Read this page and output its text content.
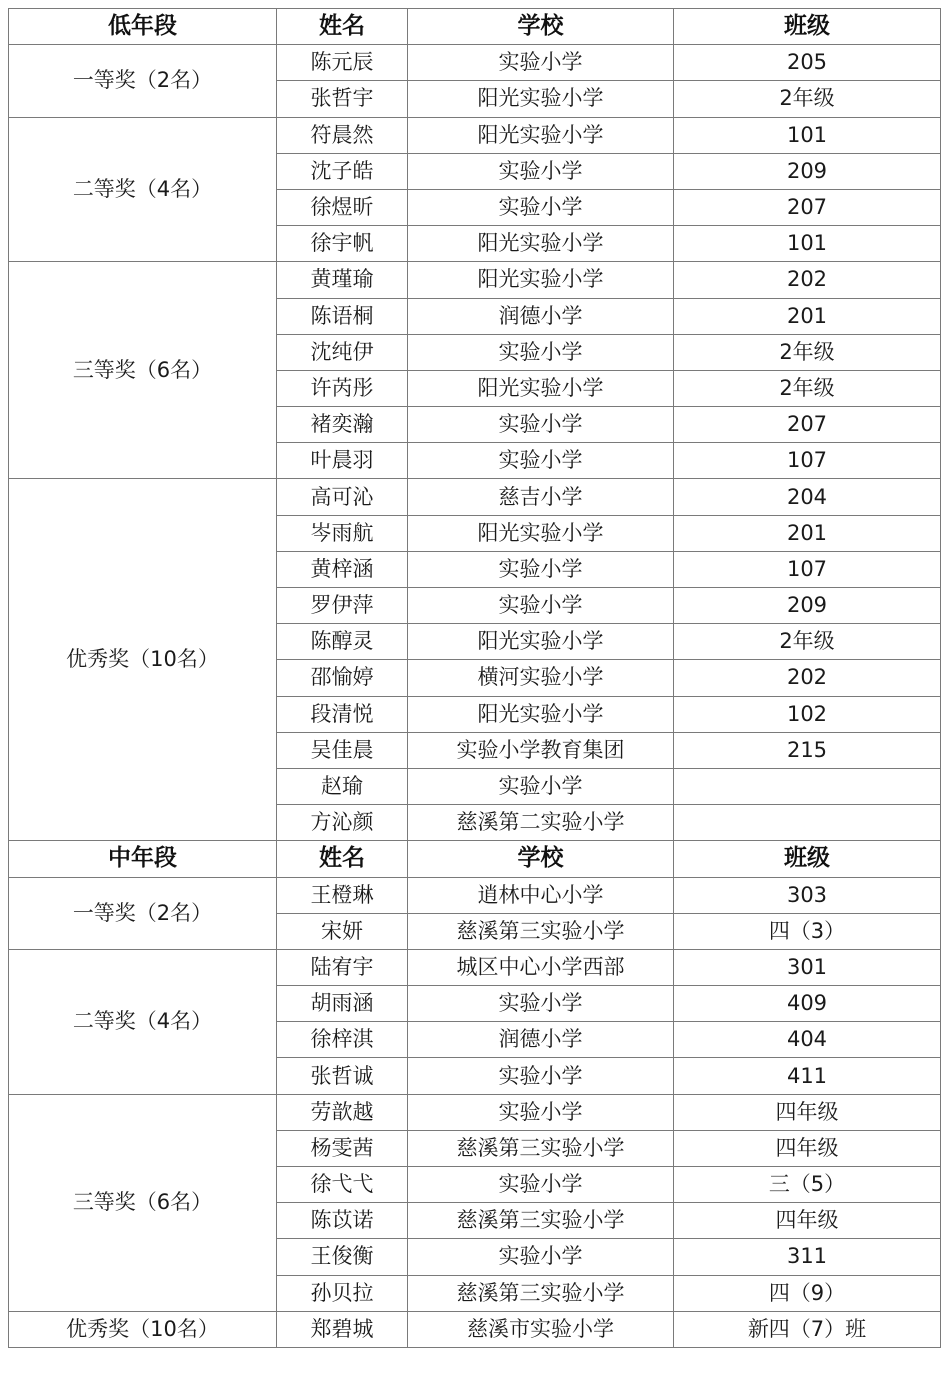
低年段	姓名	学校	班级
一等奖（2名）	陈元辰	实验小学	205
	张哲宇	阳光实验小学	2年级
二等奖（4名）	符晨然	阳光实验小学	101
	沈子皓	实验小学	209
	徐煜昕	实验小学	207
	徐宇帆	阳光实验小学	101
三等奖（6名）	黄瑾瑜	阳光实验小学	202
	陈语桐	润德小学	201
	沈纯伊	实验小学	2年级
	许芮彤	阳光实验小学	2年级
	褚奕瀚	实验小学	207
	叶晨羽	实验小学	107
优秀奖（10名）	高可沁	慈吉小学	204
	岑雨航	阳光实验小学	201
	黄梓涵	实验小学	107
	罗伊萍	实验小学	209
	陈醇灵	阳光实验小学	2年级
	邵愉婷	横河实验小学	202
	段清悦	阳光实验小学	102
	吴佳晨	实验小学教育集团	215
	赵瑜	实验小学	
	方沁颜	慈溪第二实验小学	
中年段	姓名	学校	班级
一等奖（2名）	王橙琳	逍林中心小学	303
	宋妍	慈溪第三实验小学	四（3）
二等奖（4名）	陆宥宇	城区中心小学西部	301
	胡雨涵	实验小学	409
	徐梓淇	润德小学	404
	张哲诚	实验小学	411
三等奖（6名）	劳歆越	实验小学	四年级
	杨雯茜	慈溪第三实验小学	四年级
	徐弋弋	实验小学	三（5）
	陈苡诺	慈溪第三实验小学	四年级
	王俊衡	实验小学	311
	孙贝拉	慈溪第三实验小学	四（9）
优秀奖（10名）	郑碧城	慈溪市实验小学	新四（7）班
